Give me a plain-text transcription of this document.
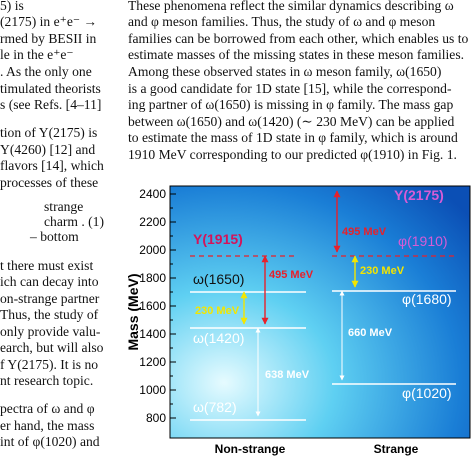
5) is
(2175) in e⁺e⁻ →
rmed by BESII in
le in the e⁺e⁻
. As the only one
timulated theorists
s (see Refs. [4–11]
tion of Y(2175) is
Y(4260) [12] and
flavors [14], which
processes of these
strange
charm . (1)
– bottom
t there must exist
ich can decay into
on-strange partner
Thus, the study of
only provide valu-
earch, but will also
f Y(2175). It is no
nt research topic.
pectra of ω and φ
er hand, the mass
int of φ(1020) and
These phenomena reflect the similar dynamics describing ω
and φ meson families. Thus, the study of ω and φ meson
families can be borrowed from each other, which enables us to
estimate masses of the missing states in these meson families.
Among these observed states in ω meson family, ω(1650)
is a good candidate for 1D state [15], while the correspond-
ing partner of ω(1650) is missing in φ family. The mass gap
between ω(1650) and ω(1420) (∼ 230 MeV) can be applied
to estimate the mass of 1D state in φ family, which is around
1910 MeV corresponding to our predicted φ(1910) in Fig. 1.
Mass (MeV)
800
1000
1200
1400
1600
1800
2000
2200
2400
Non-strange	Strange
Y(1915)
ω(1650)
ω(1420)
ω(782)
Y(2175)
φ(1910)
φ(1680)
φ(1020)
638 MeV
230 MeV
495 MeV
660 MeV
230 MeV
495 MeV
